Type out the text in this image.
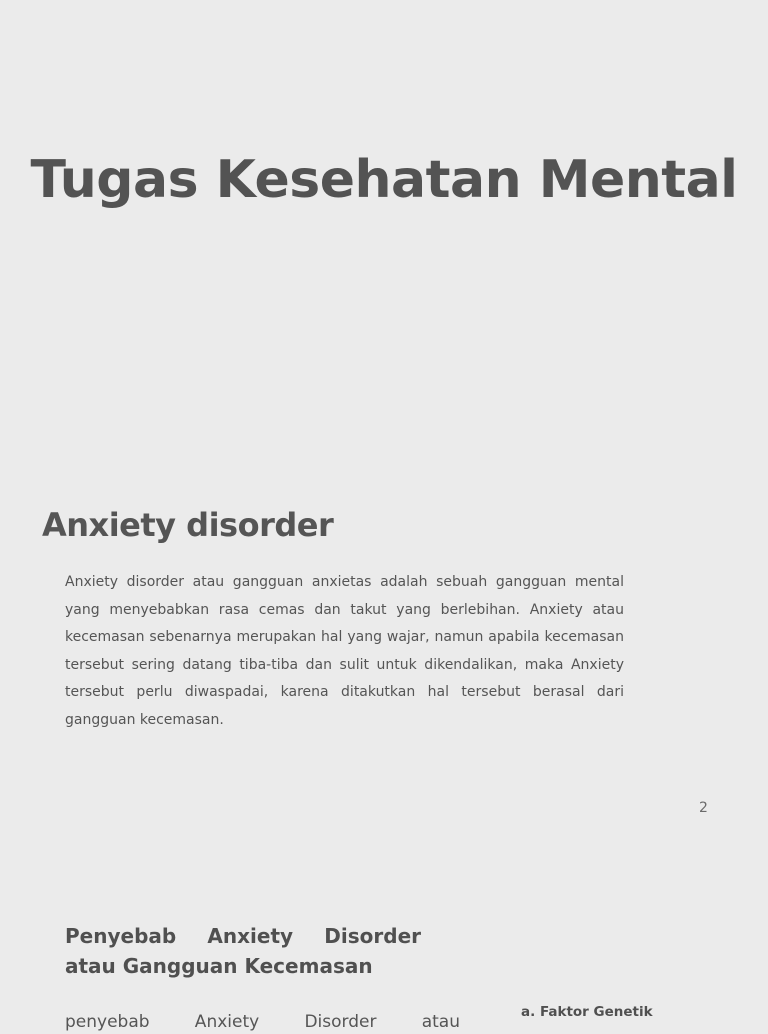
Tugas Kesehatan Mental
Anxiety disorder

Anxiety disorder atau gangguan anxietas adalah sebuah gangguan mental yang menyebabkan rasa cemas dan takut yang berlebihan. Anxiety atau kecemasan sebenarnya merupakan hal yang wajar, namun apabila kecemasan tersebut sering datang tiba-tiba dan sulit untuk dikendalikan, maka Anxiety tersebut perlu diwaspadai, karena ditakutkan hal tersebut berasal dari gangguan kecemasan.

2
Penyebab Anxiety Disorder atau Gangguan Kecemasan
penyebab Anxiety Disorder atau	a. Faktor Genetik
